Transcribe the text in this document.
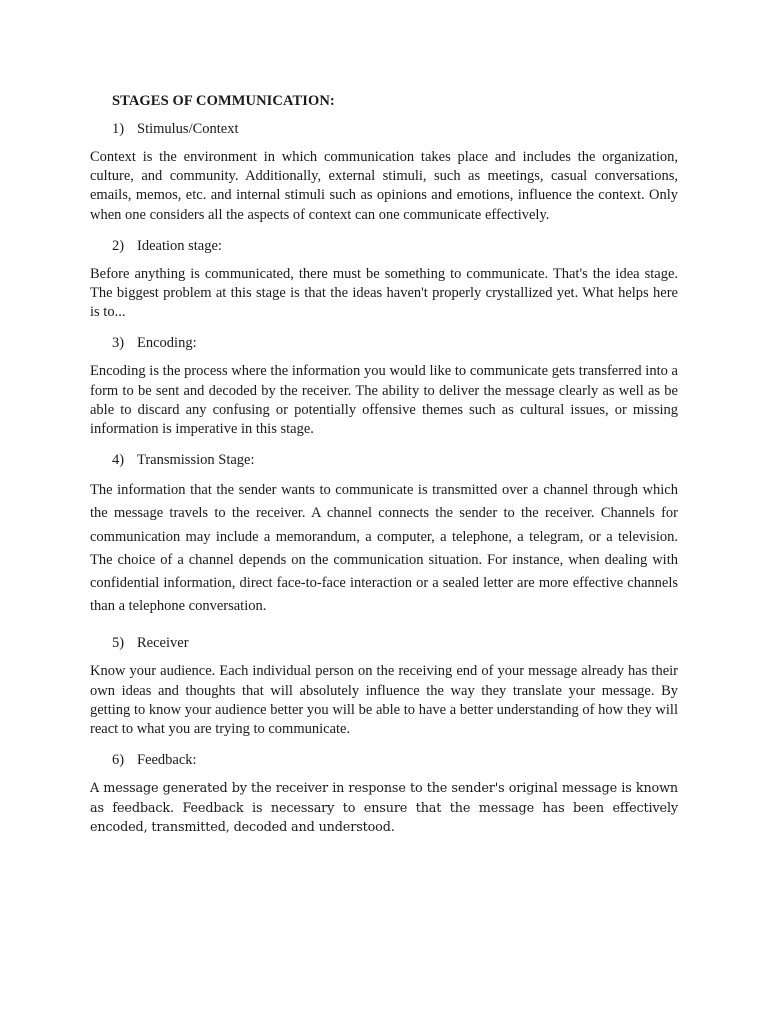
STAGES OF COMMUNICATION:
1) Stimulus/Context

Context is the environment in which communication takes place and includes the organization, culture, and community. Additionally, external stimuli, such as meetings, casual conversations, emails, memos, etc. and internal stimuli such as opinions and emotions, influence the context. Only when one considers all the aspects of context can one communicate effectively.

2) Ideation stage:

Before anything is communicated, there must be something to communicate. That's the idea stage. The biggest problem at this stage is that the ideas haven't properly crystallized yet. What helps here is to...

3) Encoding:

Encoding is the process where the information you would like to communicate gets transferred into a form to be sent and decoded by the receiver. The ability to deliver the message clearly as well as be able to discard any confusing or potentially offensive themes such as cultural issues, or missing information is imperative in this stage.

4) Transmission Stage:

The information that the sender wants to communicate is transmitted over a channel through which the message travels to the receiver. A channel connects the sender to the receiver. Channels for communication may include a memorandum, a computer, a telephone, a telegram, or a television. The choice of a channel depends on the communication situation. For instance, when dealing with confidential information, direct face-to-face interaction or a sealed letter are more effective channels than a telephone conversation.

5) Receiver

Know your audience. Each individual person on the receiving end of your message already has their own ideas and thoughts that will absolutely influence the way they translate your message. By getting to know your audience better you will be able to have a better understanding of how they will react to what you are trying to communicate.

6) Feedback:

A message generated by the receiver in response to the sender's original message is known as feedback. Feedback is necessary to ensure that the message has been effectively encoded, transmitted, decoded and understood.
